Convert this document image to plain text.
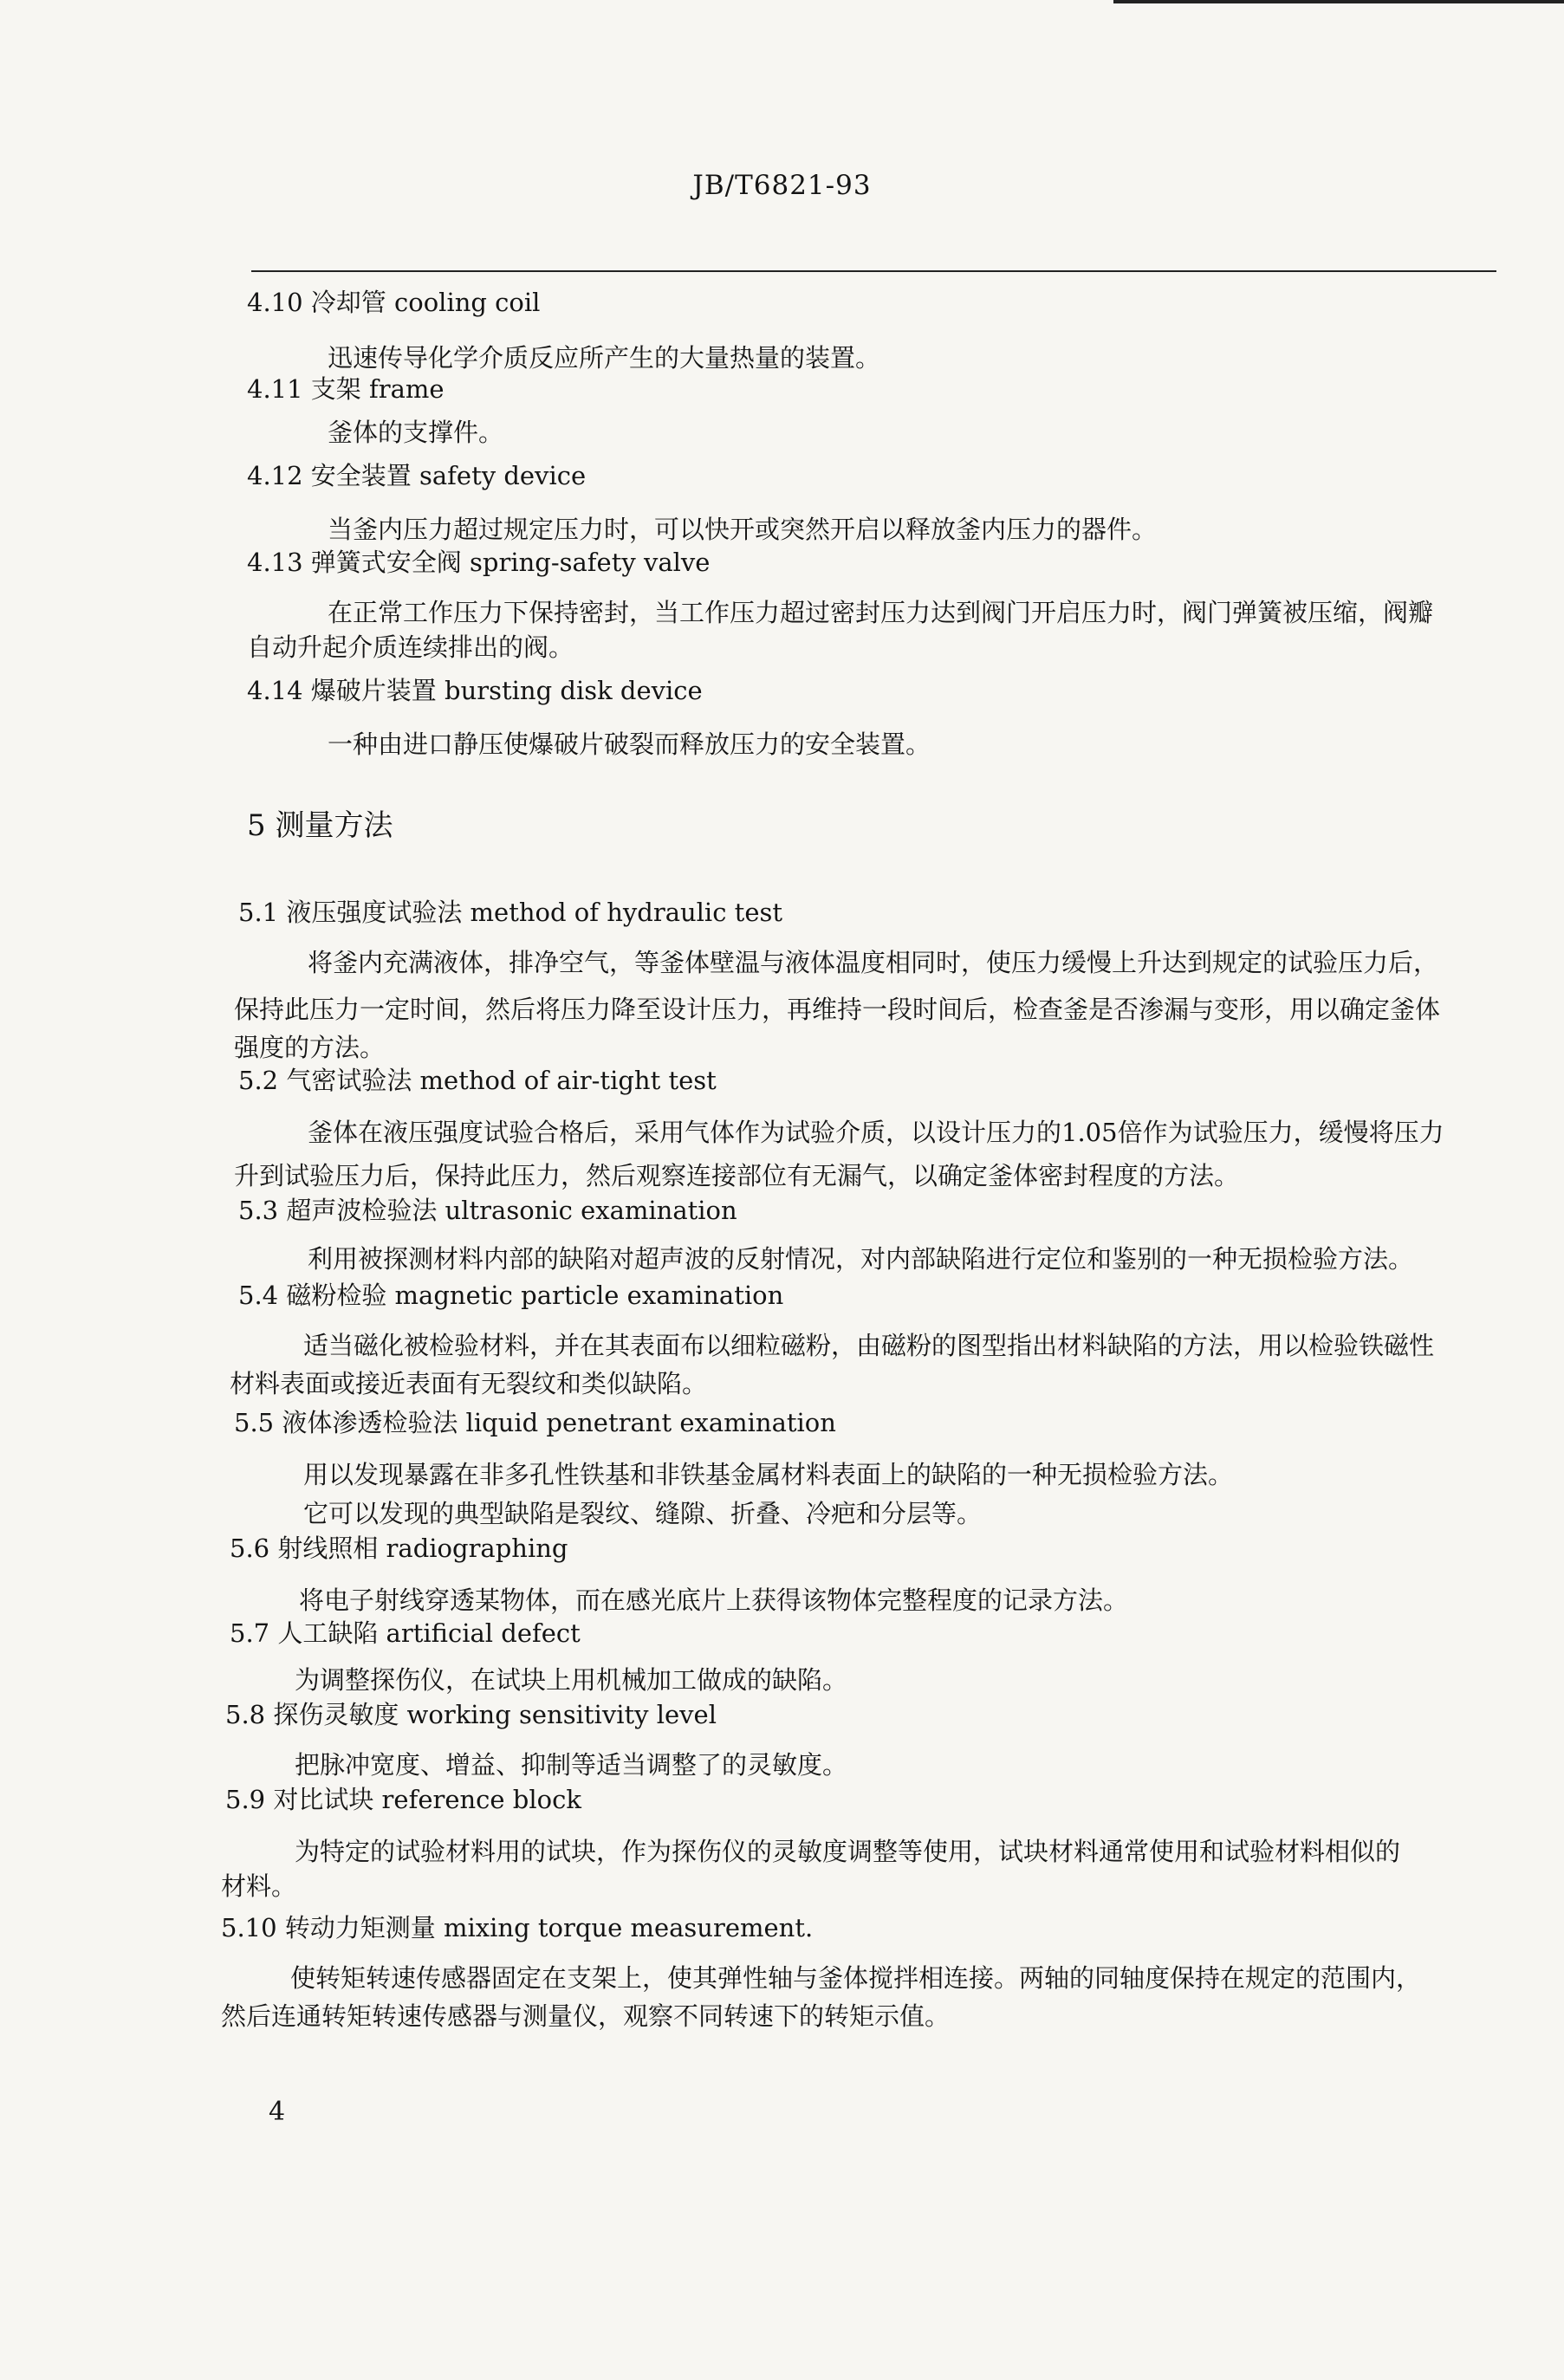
JB/T6821-93
4.10 冷却管 cooling coil
迅速传导化学介质反应所产生的大量热量的装置。
4.11 支架 frame
釜体的支撑件。
4.12 安全装置 safety device
当釜内压力超过规定压力时，可以快开或突然开启以释放釜内压力的器件。
4.13 弹簧式安全阀 spring-safety valve
在正常工作压力下保持密封，当工作压力超过密封压力达到阀门开启压力时，阀门弹簧被压缩，阀瓣
自动升起介质连续排出的阀。
4.14 爆破片装置 bursting disk device
一种由进口静压使爆破片破裂而释放压力的安全装置。
5 测量方法
5.1 液压强度试验法 method of hydraulic test
将釜内充满液体，排净空气，等釜体壁温与液体温度相同时，使压力缓慢上升达到规定的试验压力后，
保持此压力一定时间，然后将压力降至设计压力，再维持一段时间后，检查釜是否渗漏与变形，用以确定釜体
强度的方法。
5.2 气密试验法 method of air-tight test
釜体在液压强度试验合格后，采用气体作为试验介质，以设计压力的1.05倍作为试验压力，缓慢将压力
升到试验压力后，保持此压力，然后观察连接部位有无漏气，以确定釜体密封程度的方法。
5.3 超声波检验法 ultrasonic examination
利用被探测材料内部的缺陷对超声波的反射情况，对内部缺陷进行定位和鉴别的一种无损检验方法。
5.4 磁粉检验 magnetic particle examination
适当磁化被检验材料，并在其表面布以细粒磁粉，由磁粉的图型指出材料缺陷的方法，用以检验铁磁性
材料表面或接近表面有无裂纹和类似缺陷。
5.5 液体渗透检验法 liquid penetrant examination
用以发现暴露在非多孔性铁基和非铁基金属材料表面上的缺陷的一种无损检验方法。
它可以发现的典型缺陷是裂纹、缝隙、折叠、冷疤和分层等。
5.6 射线照相 radiographing
将电子射线穿透某物体，而在感光底片上获得该物体完整程度的记录方法。
5.7 人工缺陷 artificial defect
为调整探伤仪，在试块上用机械加工做成的缺陷。
5.8 探伤灵敏度 working sensitivity level
把脉冲宽度、增益、抑制等适当调整了的灵敏度。
5.9 对比试块 reference block
为特定的试验材料用的试块，作为探伤仪的灵敏度调整等使用，试块材料通常使用和试验材料相似的
材料。
5.10 转动力矩测量 mixing torque measurement.
使转矩转速传感器固定在支架上，使其弹性轴与釜体搅拌相连接。两轴的同轴度保持在规定的范围内，
然后连通转矩转速传感器与测量仪，观察不同转速下的转矩示值。
4
